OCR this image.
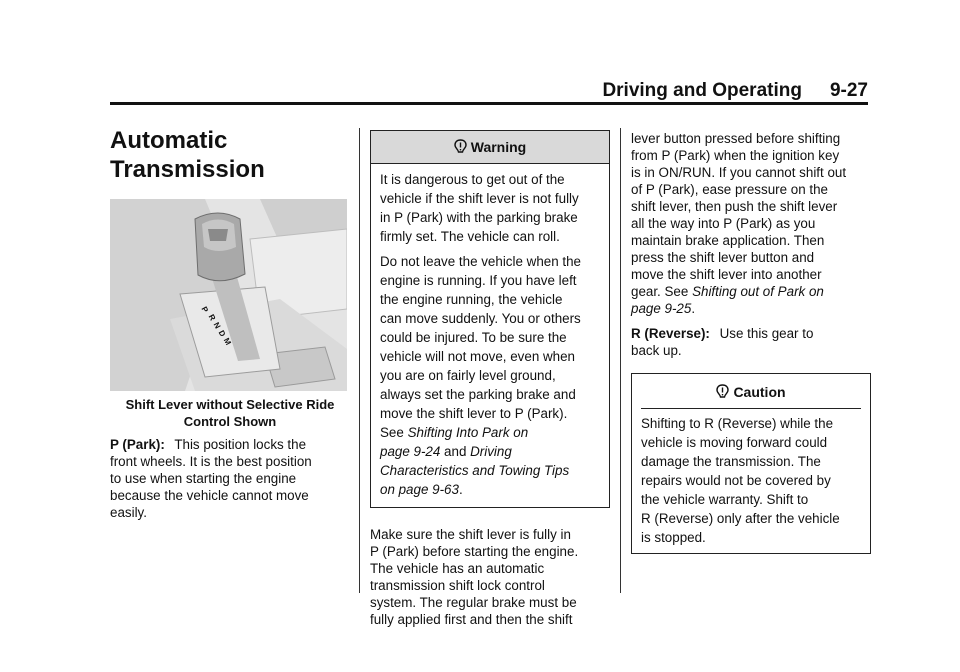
Driving and Operating 9-27
Automatic
Transmission
P
R
N
D
M
Shift Lever without Selective Ride
Control Shown

P (Park): This position locks the
front wheels. It is the best position
to use when starting the engine
because the vehicle cannot move
easily.

Warning

It is dangerous to get out of the
vehicle if the shift lever is not fully
in P (Park) with the parking brake
firmly set. The vehicle can roll.

Do not leave the vehicle when the
engine is running. If you have left
the engine running, the vehicle
can move suddenly. You or others
could be injured. To be sure the
vehicle will not move, even when
you are on fairly level ground,
always set the parking brake and
move the shift lever to P (Park).
See Shifting Into Park on
page 9-24 and Driving
Characteristics and Towing Tips
on page 9-63.

Make sure the shift lever is fully in
P (Park) before starting the engine.
The vehicle has an automatic
transmission shift lock control
system. The regular brake must be
fully applied first and then the shift

lever button pressed before shifting
from P (Park) when the ignition key
is in ON/RUN. If you cannot shift out
of P (Park), ease pressure on the
shift lever, then push the shift lever
all the way into P (Park) as you
maintain brake application. Then
press the shift lever button and
move the shift lever into another
gear. See Shifting out of Park on
page 9-25.

R (Reverse): Use this gear to
back up.

Caution
Shifting to R (Reverse) while the
vehicle is moving forward could
damage the transmission. The
repairs would not be covered by
the vehicle warranty. Shift to
R (Reverse) only after the vehicle
is stopped.
